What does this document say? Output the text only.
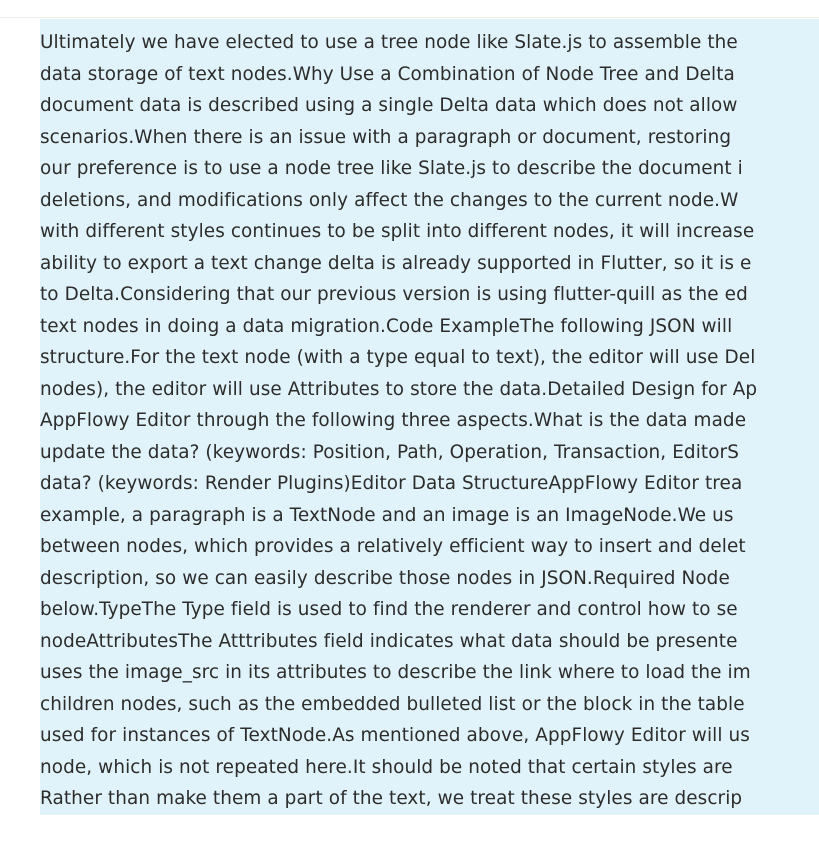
Ultimately we have elected to use a tree node like Slate.js to assemble the
data storage of text nodes.Why Use a Combination of Node Tree and Delta
document data is described using a single Delta data which does not allow
scenarios.When there is an issue with a paragraph or document, restoring
our preference is to use a node tree like Slate.js to describe the document i
deletions, and modifications only affect the changes to the current node.W
with different styles continues to be split into different nodes, it will increase
ability to export a text change delta is already supported in Flutter, so it is e
to Delta.Considering that our previous version is using flutter-quill as the ed
text nodes in doing a data migration.Code ExampleThe following JSON will
structure.For the text node (with a type equal to text), the editor will use Del
nodes), the editor will use Attributes to store the data.Detailed Design for Ap
AppFlowy Editor through the following three aspects.What is the data made
update the data? (keywords: Position, Path, Operation, Transaction, EditorS
data? (keywords: Render Plugins)Editor Data StructureAppFlowy Editor trea
example, a paragraph is a TextNode and an image is an ImageNode.We us
between nodes, which provides a relatively efficient way to insert and delet
description, so we can easily describe those nodes in JSON.Required Node
below.TypeThe Type field is used to find the renderer and control how to se
nodeAttributesThe Atttributes field indicates what data should be presente
uses the image_src in its attributes to describe the link where to load the im
children nodes, such as the embedded bulleted list or the block in the table
used for instances of TextNode.As mentioned above, AppFlowy Editor will us
node, which is not repeated here.It should be noted that certain styles are
Rather than make them a part of the text, we treat these styles are descrip
